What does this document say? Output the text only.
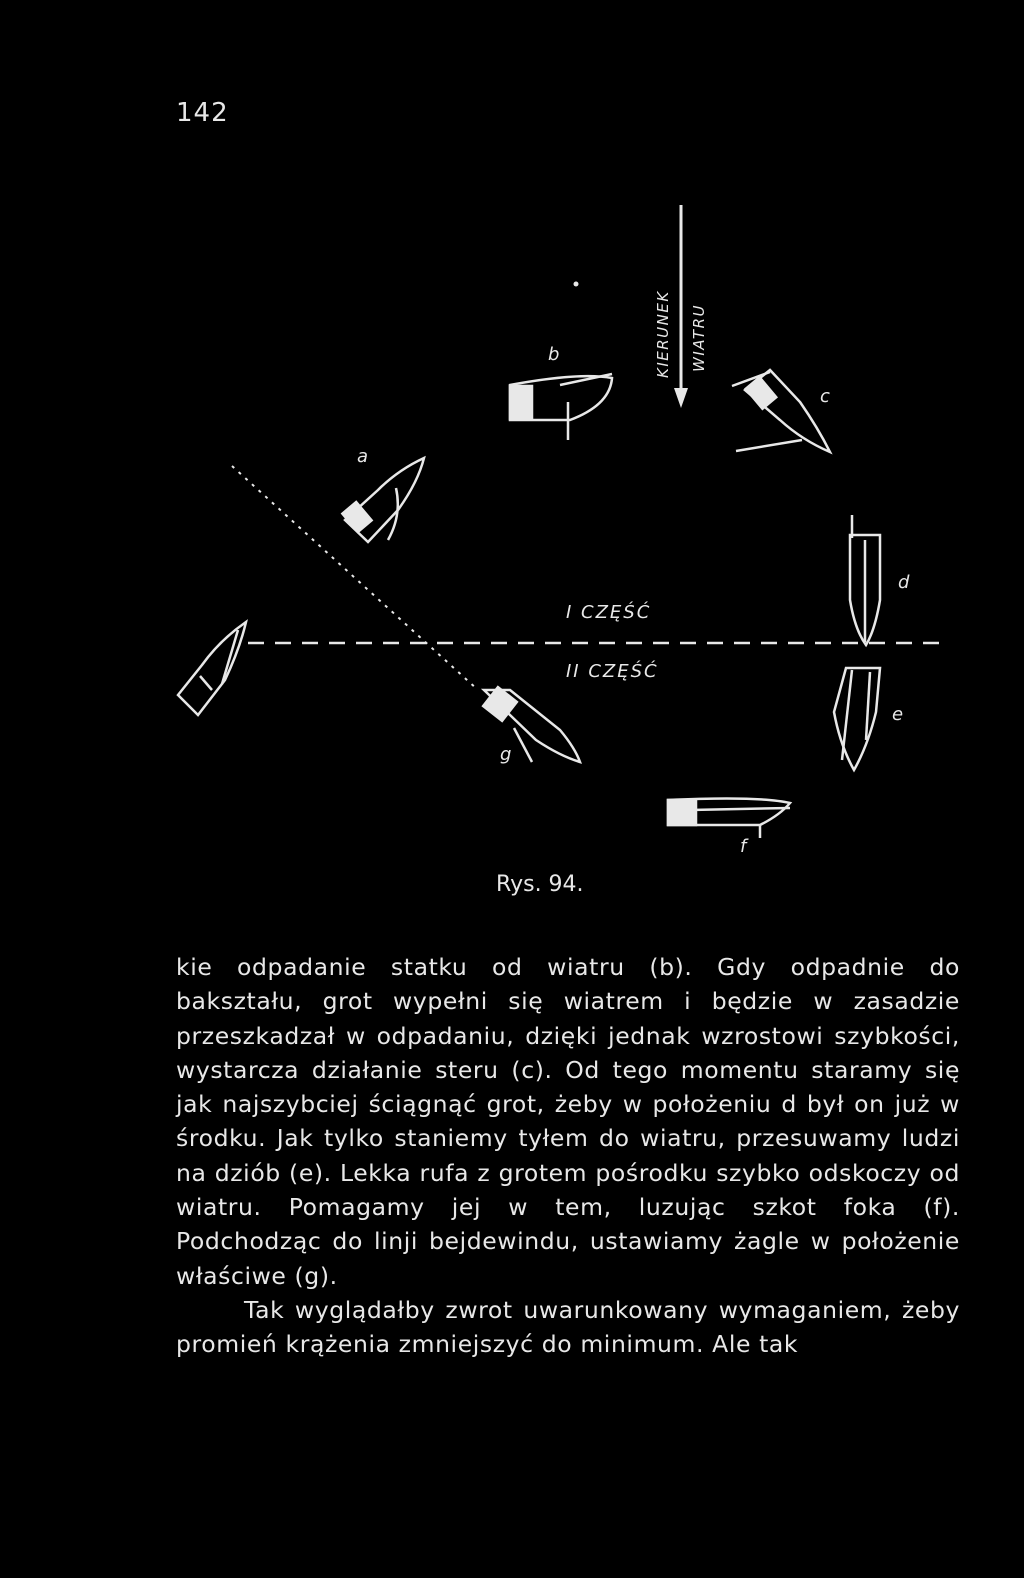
142
KIERUNEK WIATRU
I CZĘŚĆ
II CZĘŚĆ
b
a
c
d
e
f
g
Rys. 94.

kie odpadanie statku od wiatru (b). Gdy odpadnie do bakształu, grot wypełni się wiatrem i będzie w zasadzie przeszkadzał w odpadaniu, dzięki jednak wzrostowi szybkości, wystarcza działanie steru (c). Od tego momentu staramy się jak najszybciej ściągnąć grot, żeby w położeniu d był on już w środku. Jak tylko staniemy tyłem do wiatru, przesuwamy ludzi na dziób (e). Lekka rufa z grotem pośrodku szybko odskoczy od wiatru. Pomagamy jej w tem, luzując szkot foka (f). Podchodząc do linji bejdewindu, ustawiamy żagle w położenie właściwe (g).

Tak wyglądałby zwrot uwarunkowany wymaganiem, żeby promień krążenia zmniejszyć do minimum. Ale tak
